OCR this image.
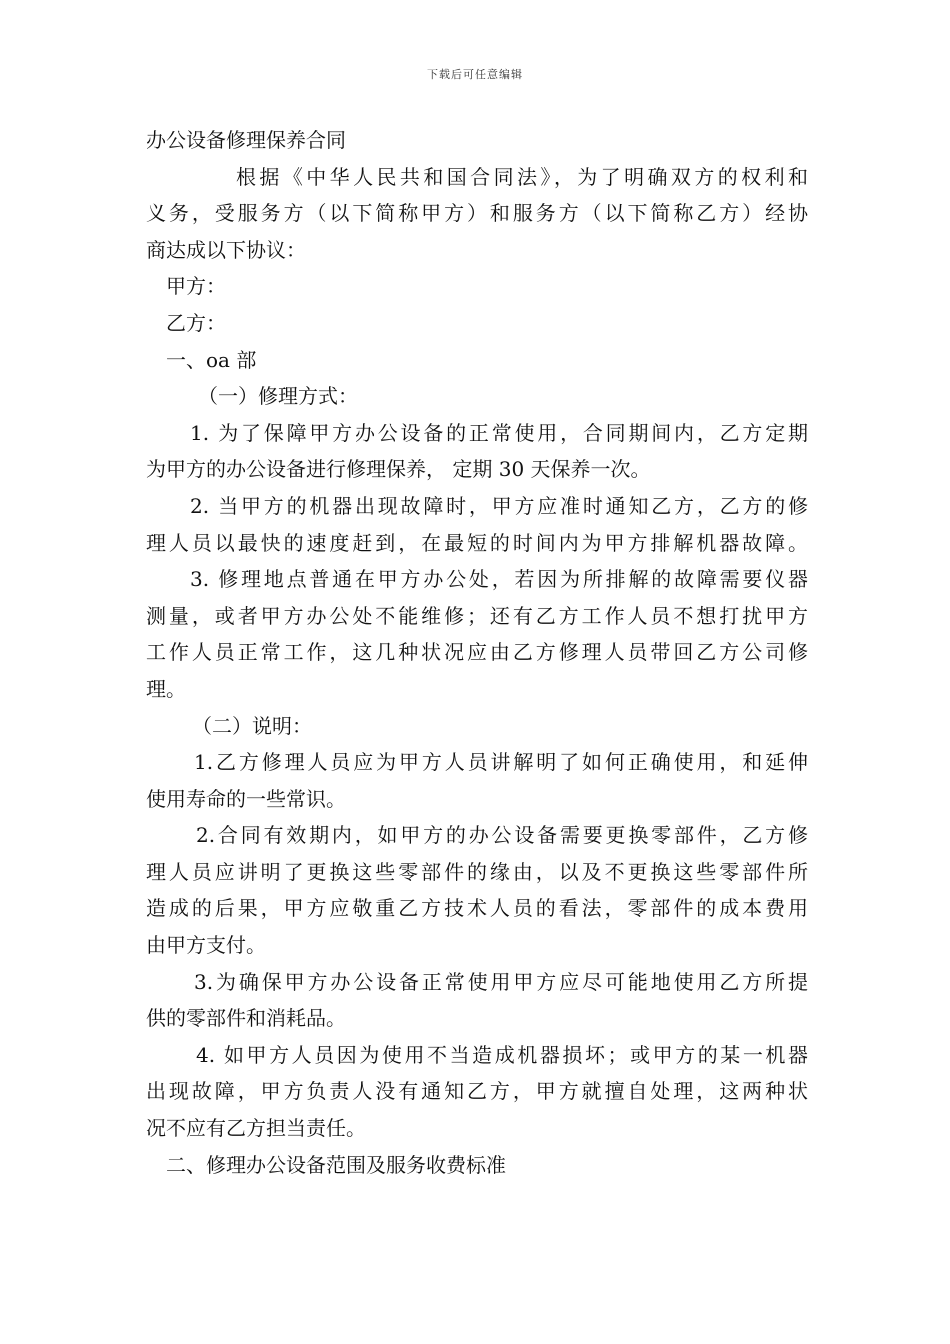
下载后可任意编辑
办公设备修理保养合同
根据《中华人民共和国合同法》，为了明确双方的权利和
义务，受服务方（以下简称甲方）和服务方（以下简称乙方）经协
商达成以下协议：
甲方：
乙方：
一、oa 部
（一）修理方式：
1. 为了保障甲方办公设备的正常使用，合同期间内，乙方定期
为甲方的办公设备进行修理保养， 定期 30 天保养一次。
2. 当甲方的机器出现故障时，甲方应准时通知乙方，乙方的修
理人员以最快的速度赶到，在最短的时间内为甲方排解机器故障。
3. 修理地点普通在甲方办公处，若因为所排解的故障需要仪器
测量，或者甲方办公处不能维修；还有乙方工作人员不想打扰甲方
工作人员正常工作，这几种状况应由乙方修理人员带回乙方公司修
理。
（二）说明：
1.乙方修理人员应为甲方人员讲解明了如何正确使用，和延伸
使用寿命的一些常识。
2.合同有效期内，如甲方的办公设备需要更换零部件，乙方修
理人员应讲明了更换这些零部件的缘由，以及不更换这些零部件所
造成的后果，甲方应敬重乙方技术人员的看法，零部件的成本费用
由甲方支付。
3.为确保甲方办公设备正常使用甲方应尽可能地使用乙方所提
供的零部件和消耗品。
4. 如甲方人员因为使用不当造成机器损坏；或甲方的某一机器
出现故障，甲方负责人没有通知乙方，甲方就擅自处理，这两种状
况不应有乙方担当责任。
二、修理办公设备范围及服务收费标准
